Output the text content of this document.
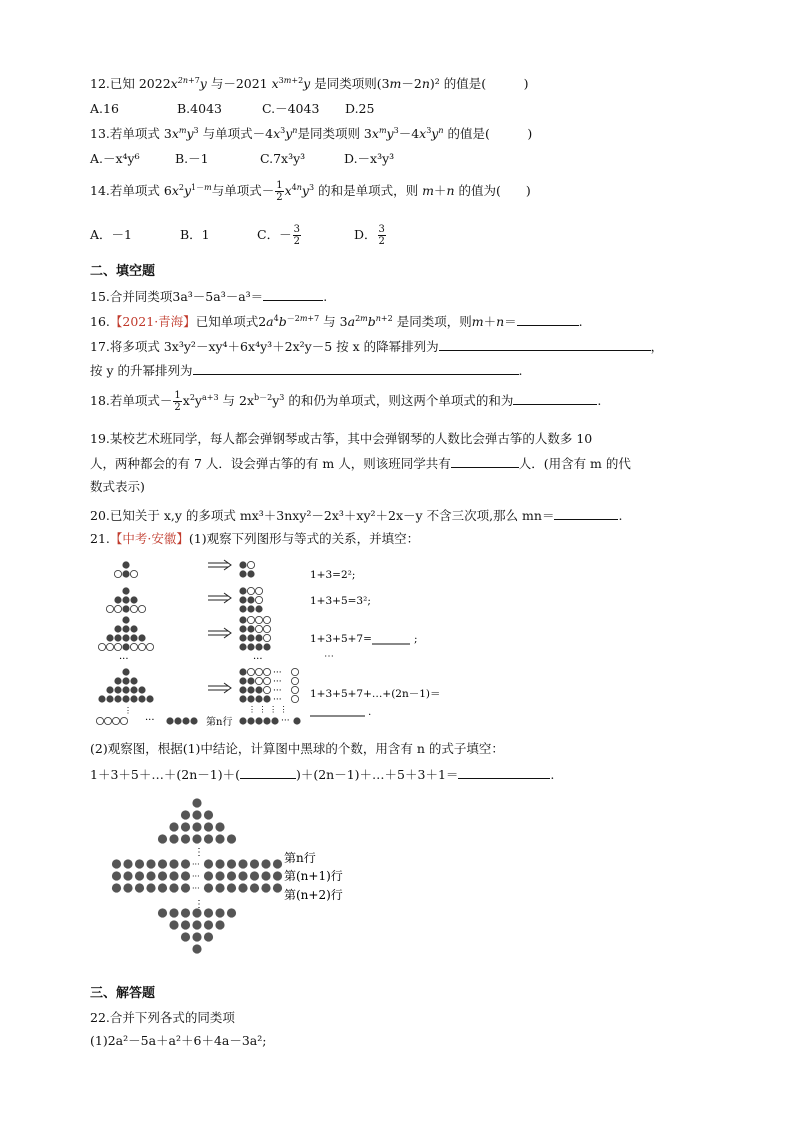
12.已知 $2022x^{2n+7}y$ 与－2021 $x^{3m+2}y$ 是同类项则(3m－2n)² 的值是(　　　)
A.16	B.4043	C.－4043 D.25
13.若单项式 $3x^my^3$ 与单项式$-4x^3y^n$是同类项则 $3x^my^3-4x^3y^n$ 的值是(　　　)
A.－x⁴y⁶	B.－1	C.7x³y³	D.－x³y³
14.若单项式 $6x^2y^{1-m}$与单项式－ $\frac{1}{2} x^{4n}y^3$ 的和是单项式，则 m＋n 的值为(　　)
A．－1	B．1	C．－ $\frac{3}{2}$	D． $\frac{3}{2}$
二、填空题
15.合并同类项3a³－5a³－a³＝	.
16.【2021·青海】已知单项式$2a^4b^{-2m+7}$ 与 $3a^{2m}b^{n+2}$ 是同类项，则m＋n＝	.
17.将多项式 3x³y²－xy⁴＋6x⁴y³＋2x²y－5 按 x 的降幂排列为	，
按 y 的升幂排列为	.
18.若单项式－ $\frac{1}{2} x^2y^{a+3}$ 与 $2x^{b-2}y^3$ 的和仍为单项式，则这两个单项式的和为	.
19.某校艺术班同学，每人都会弹钢琴或古筝，其中会弹钢琴的人数比会弹古筝的人数多 10
人，两种都会的有 7 人．设会弹古筝的有 m 人，则该班同学共有	人．(用含有 m 的代
数式表示)
20.已知关于 x,y 的多项式 mx³＋3nxy²－2x³＋xy²＋2x－y 不含三次项,那么 mn＝	.
21.【中考·安徽】(1)观察下列图形与等式的关系，并填空：
···
⋮
···
···
···
···
···
···
⋮ ⋮ ⋮ ⋮
···
第n行
1+3=2²;
1+3+5=3²;
1+3+5+7=	;
⋯
1+3+5+7+…+(2n－1)＝
.
(2)观察图，根据(1)中结论，计算图中黑球的个数，用含有 n 的式子填空：
1＋3＋5＋…＋(2n－1)＋(	)＋(2n－1)＋…＋5＋3＋1＝	.
⋮
⋮
···
···
···
第n行
第(n+1)行
第(n+2)行
三、解答题
22.合并下列各式的同类项
(1)2a²－5a＋a²＋6＋4a－3a²;
